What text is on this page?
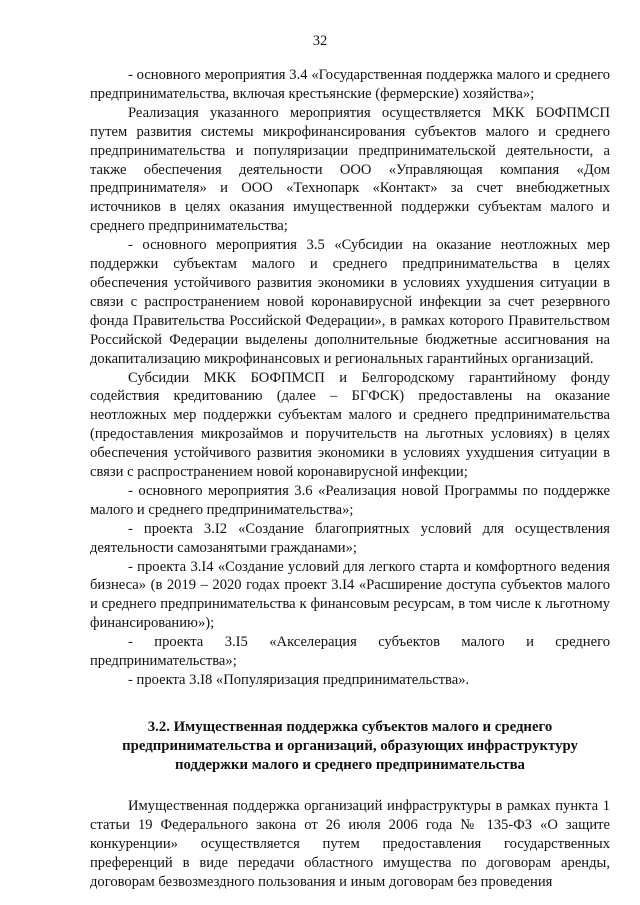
32

- основного мероприятия 3.4 «Государственная поддержка малого и среднего предпринимательства, включая крестьянские (фермерские) хозяйства»;

Реализация указанного мероприятия осуществляется МКК БОФПМСП путем развития системы микрофинансирования субъектов малого и среднего предпринимательства и популяризации предпринимательской деятельности, а также обеспечения деятельности ООО «Управляющая компания «Дом предпринимателя» и ООО «Технопарк «Контакт» за счет внебюджетных источников в целях оказания имущественной поддержки субъектам малого и среднего предпринимательства;

- основного мероприятия 3.5 «Субсидии на оказание неотложных мер поддержки субъектам малого и среднего предпринимательства в целях обеспечения устойчивого развития экономики в условиях ухудшения ситуации в связи с распространением новой коронавирусной инфекции за счет резервного фонда Правительства Российской Федерации», в рамках которого Правительством Российской Федерации выделены дополнительные бюджетные ассигнования на докапитализацию микрофинансовых и региональных гарантийных организаций.

Субсидии МКК БОФПМСП и Белгородскому гарантийному фонду содействия кредитованию (далее – БГФСК) предоставлены на оказание неотложных мер поддержки субъектам малого и среднего предпринимательства (предоставления микрозаймов и поручительств на льготных условиях) в целях обеспечения устойчивого развития экономики в условиях ухудшения ситуации в связи с распространением новой коронавирусной инфекции;

- основного мероприятия 3.6 «Реализация новой Программы по поддержке малого и среднего предпринимательства»;

- проекта 3.I2 «Создание благоприятных условий для осуществления деятельности самозанятыми гражданами»;

- проекта 3.I4 «Создание условий для легкого старта и комфортного ведения бизнеса» (в 2019 – 2020 годах проект 3.I4 «Расширение доступа субъектов малого и среднего предпринимательства к финансовым ресурсам, в том числе к льготному финансированию»);

- проекта 3.I5 «Акселерация субъектов малого и среднего предпринимательства»;

- проекта 3.I8 «Популяризация предпринимательства».

3.2. Имущественная поддержка субъектов малого и среднего
предпринимательства и организаций, образующих инфраструктуру
поддержки малого и среднего предпринимательства

Имущественная поддержка организаций инфраструктуры в рамках пункта 1 статьи 19 Федерального закона от 26 июля 2006 года № 135-ФЗ «О защите конкуренции» осуществляется путем предоставления государственных преференций в виде передачи областного имущества по договорам аренды, договорам безвозмездного пользования и иным договорам без проведения
